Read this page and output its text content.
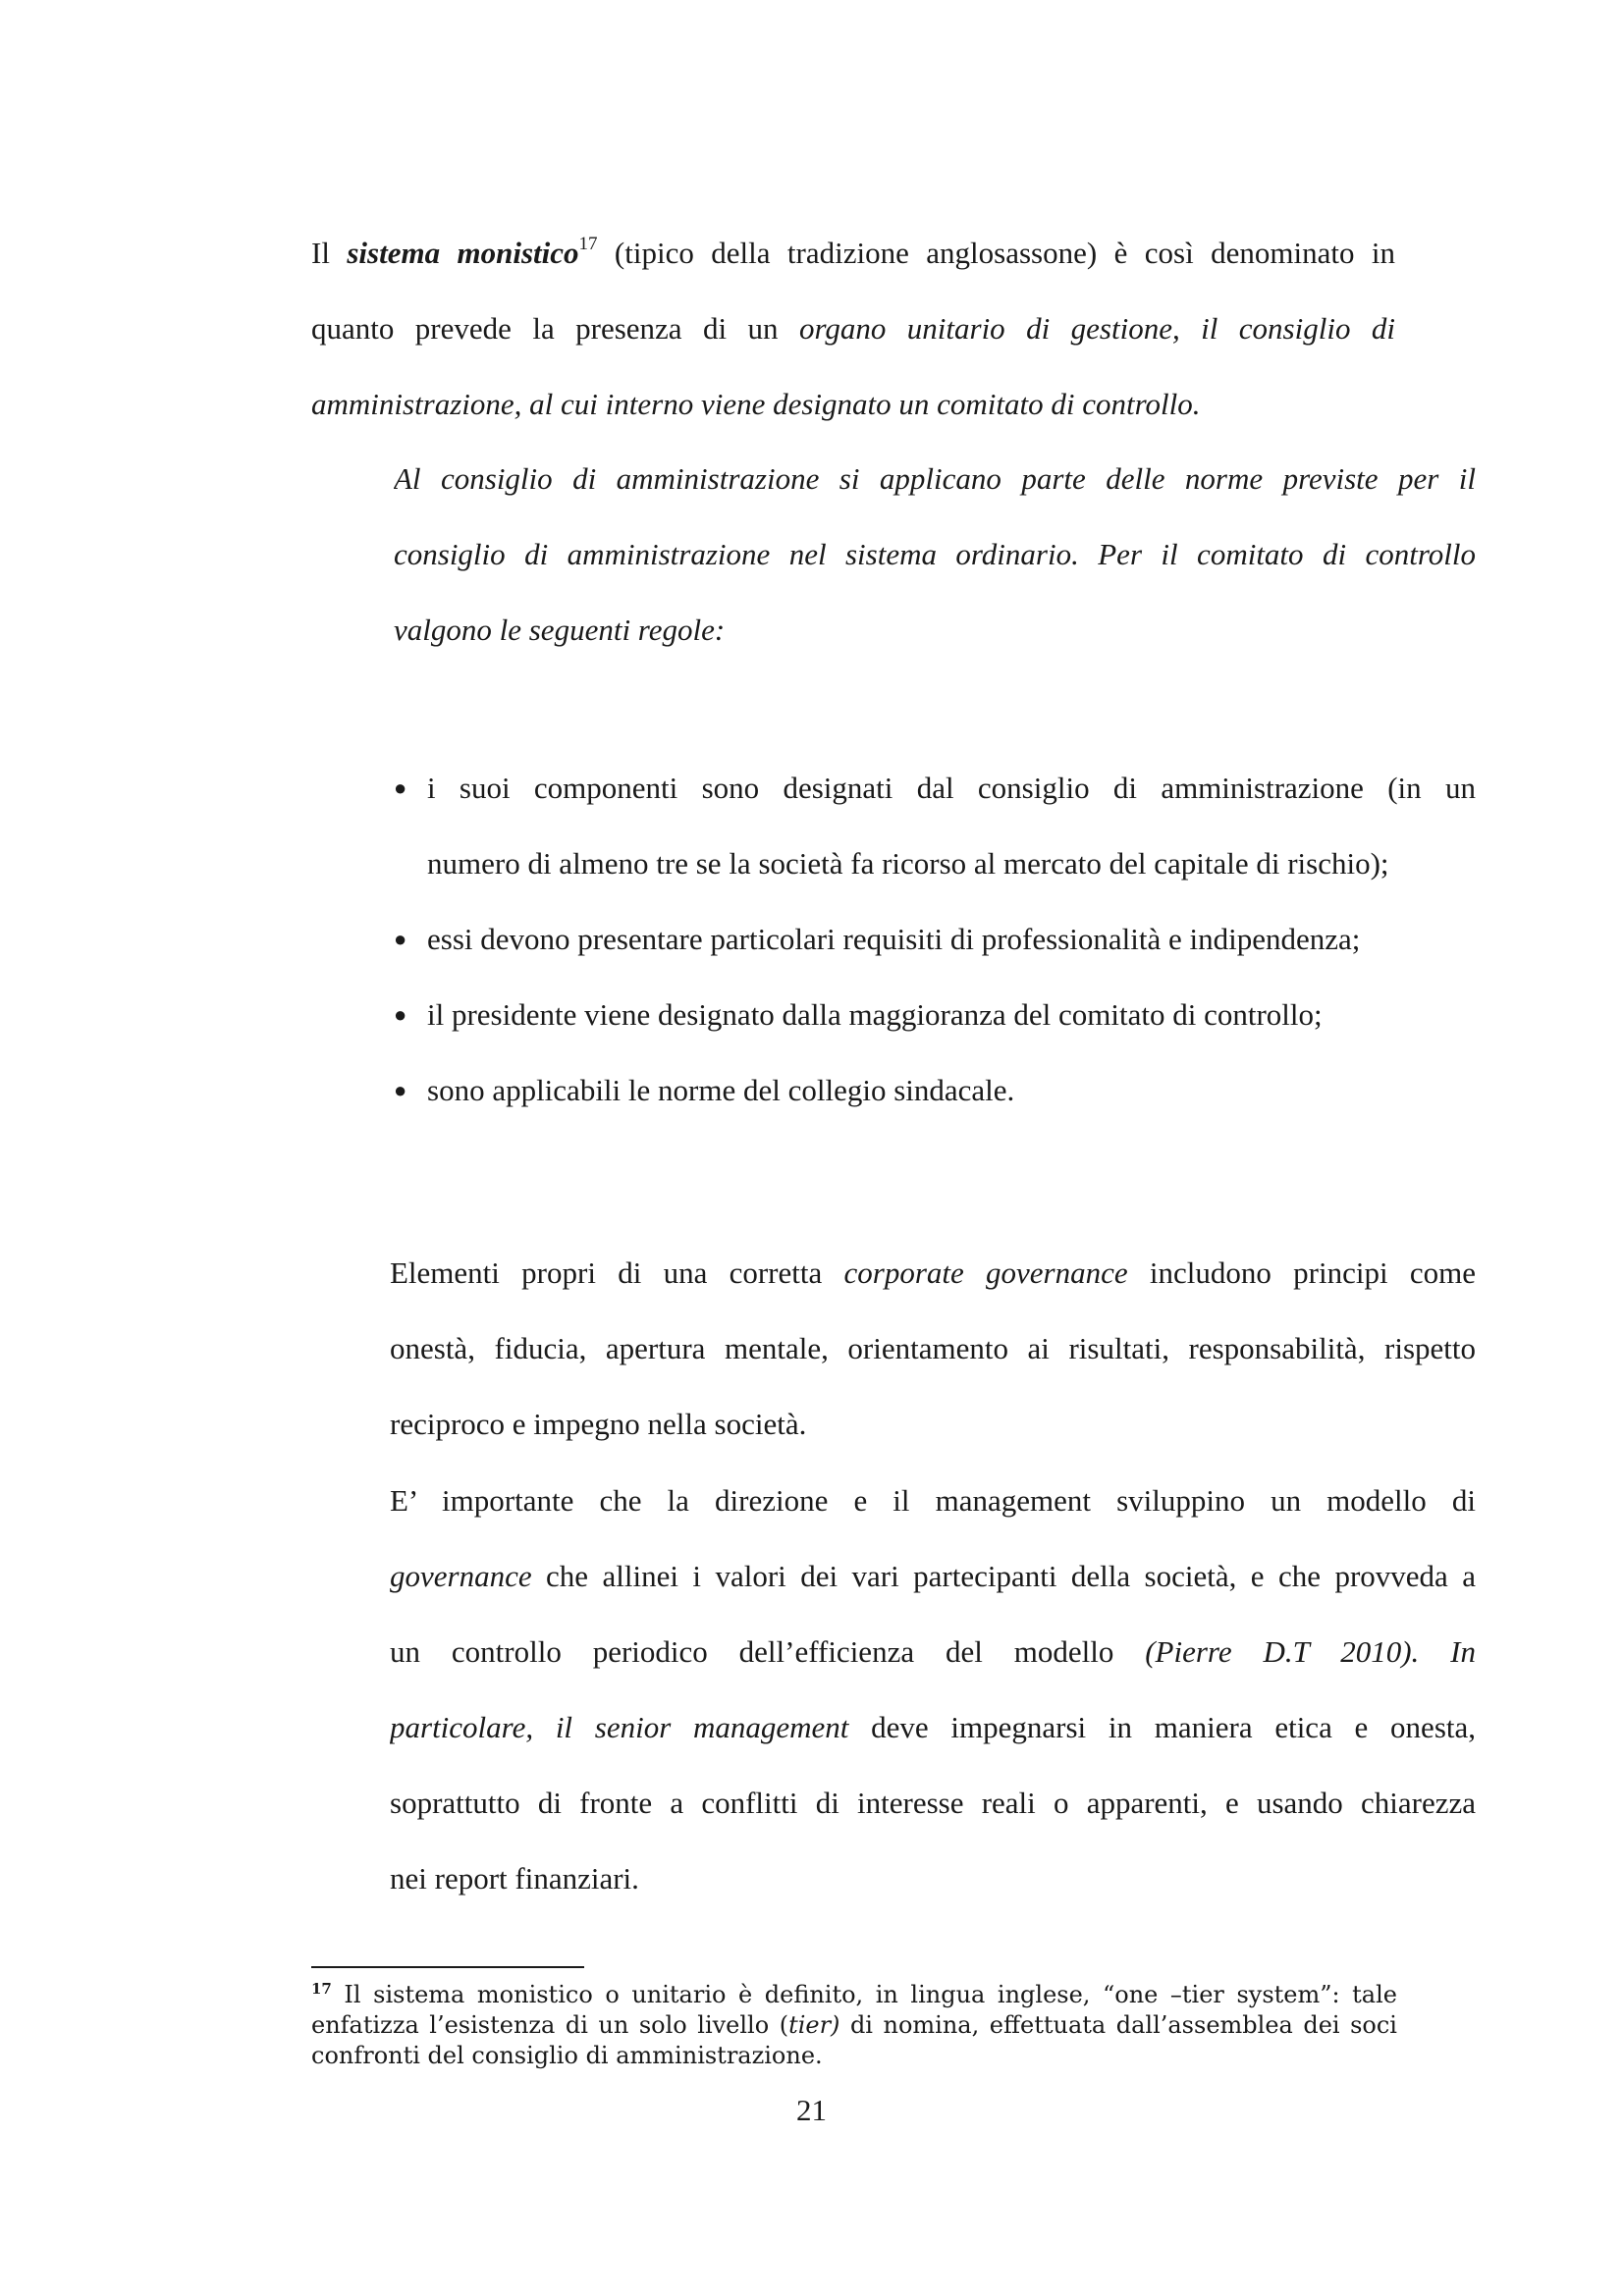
Il sistema monistico$^{17}$ (tipico della tradizione anglosassone) è così denominato in
quanto prevede la presenza di un organo unitario di gestione, il consiglio di
amministrazione, al cui interno viene designato un comitato di controllo.
Al consiglio di amministrazione si applicano parte delle norme previste per il
consiglio di amministrazione nel sistema ordinario. Per il comitato di controllo
valgono le seguenti regole:
● i suoi componenti sono designati dal consiglio di amministrazione (in un
numero di almeno tre se la società fa ricorso al mercato del capitale di rischio);
● essi devono presentare particolari requisiti di professionalità e indipendenza;
● il presidente viene designato dalla maggioranza del comitato di controllo;
● sono applicabili le norme del collegio sindacale.
Elementi propri di una corretta corporate governance includono principi come
onestà, fiducia, apertura mentale, orientamento ai risultati, responsabilità, rispetto
reciproco e impegno nella società.
E’ importante che la direzione e il management sviluppino un modello di
governance che allinei i valori dei vari partecipanti della società, e che provveda a
un controllo periodico dell’efficienza del modello (Pierre D.T 2010). In
particolare, il senior management deve impegnarsi in maniera etica e onesta,
soprattutto di fronte a conflitti di interesse reali o apparenti, e usando chiarezza
nei report finanziari.
$^{17}$ Il sistema monistico o unitario è definito, in lingua inglese, “one –tier system”: tale
enfatizza l’esistenza di un solo livello (tier) di nomina, effettuata dall’assemblea dei soci
confronti del consiglio di amministrazione.
21
